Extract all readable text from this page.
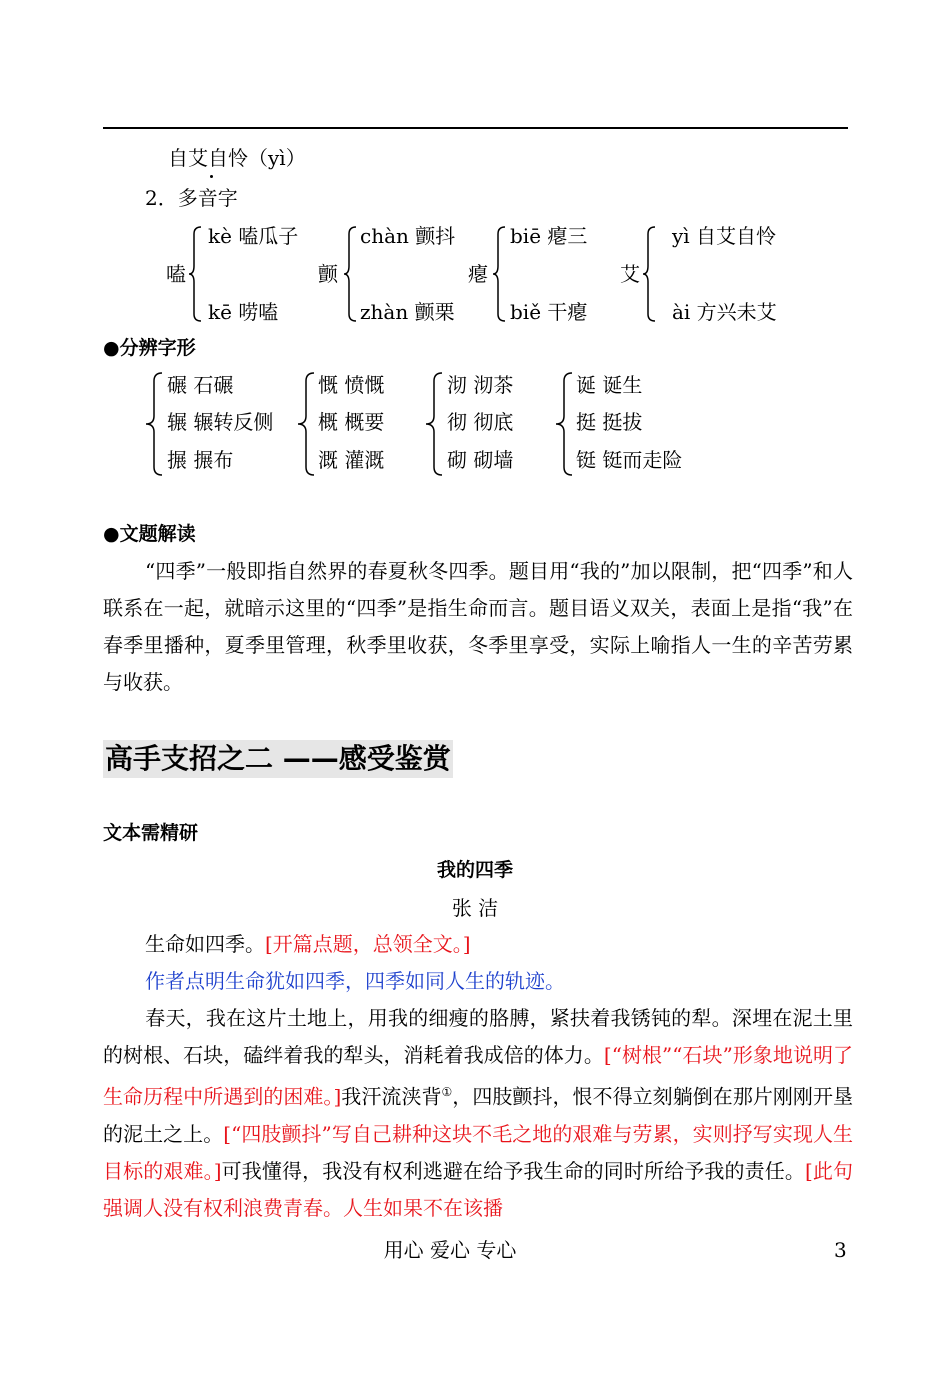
自艾自怜（yì）
2．多音字
嗑
kè 嗑瓜子
kē 唠嗑
颤
chàn 颤抖
zhàn 颤栗
瘪
biē 瘪三
biě 干瘪
艾
yì 自艾自怜
ài 方兴未艾
●分辨字形
碾 石碾
辗 辗转反侧
搌 搌布
慨 愤慨
概 概要
溉 灌溉
沏 沏茶
彻 彻底
砌 砌墙
诞 诞生
挺 挺拔
铤 铤而走险
●文题解读
“四季”一般即指自然界的春夏秋冬四季。题目用“我的”加以限制，把“四季”和人联系在一起，就暗示这里的“四季”是指生命而言。题目语义双关，表面上是指“我”在春季里播种，夏季里管理，秋季里收获，冬季里享受，实际上喻指人一生的辛苦劳累与收获。
高手支招之二 ——感受鉴赏
文本需精研
我的四季
张 洁
生命如四季。[开篇点题，总领全文。]
作者点明生命犹如四季，四季如同人生的轨迹。
春天，我在这片土地上，用我的细瘦的胳膊，紧扶着我锈钝的犁。深埋在泥土里的树根、石块，磕绊着我的犁头，消耗着我成倍的体力。[“树根”“石块”形象地说明了生命历程中所遇到的困难。]我汗流浃背①，四肢颤抖，恨不得立刻躺倒在那片刚刚开垦的泥土之上。[“四肢颤抖”写自己耕种这块不毛之地的艰难与劳累，实则抒写实现人生目标的艰难。]可我懂得，我没有权利逃避在给予我生命的同时所给予我的责任。[此句强调人没有权利浪费青春。人生如果不在该播
用心 爱心 专心	3
